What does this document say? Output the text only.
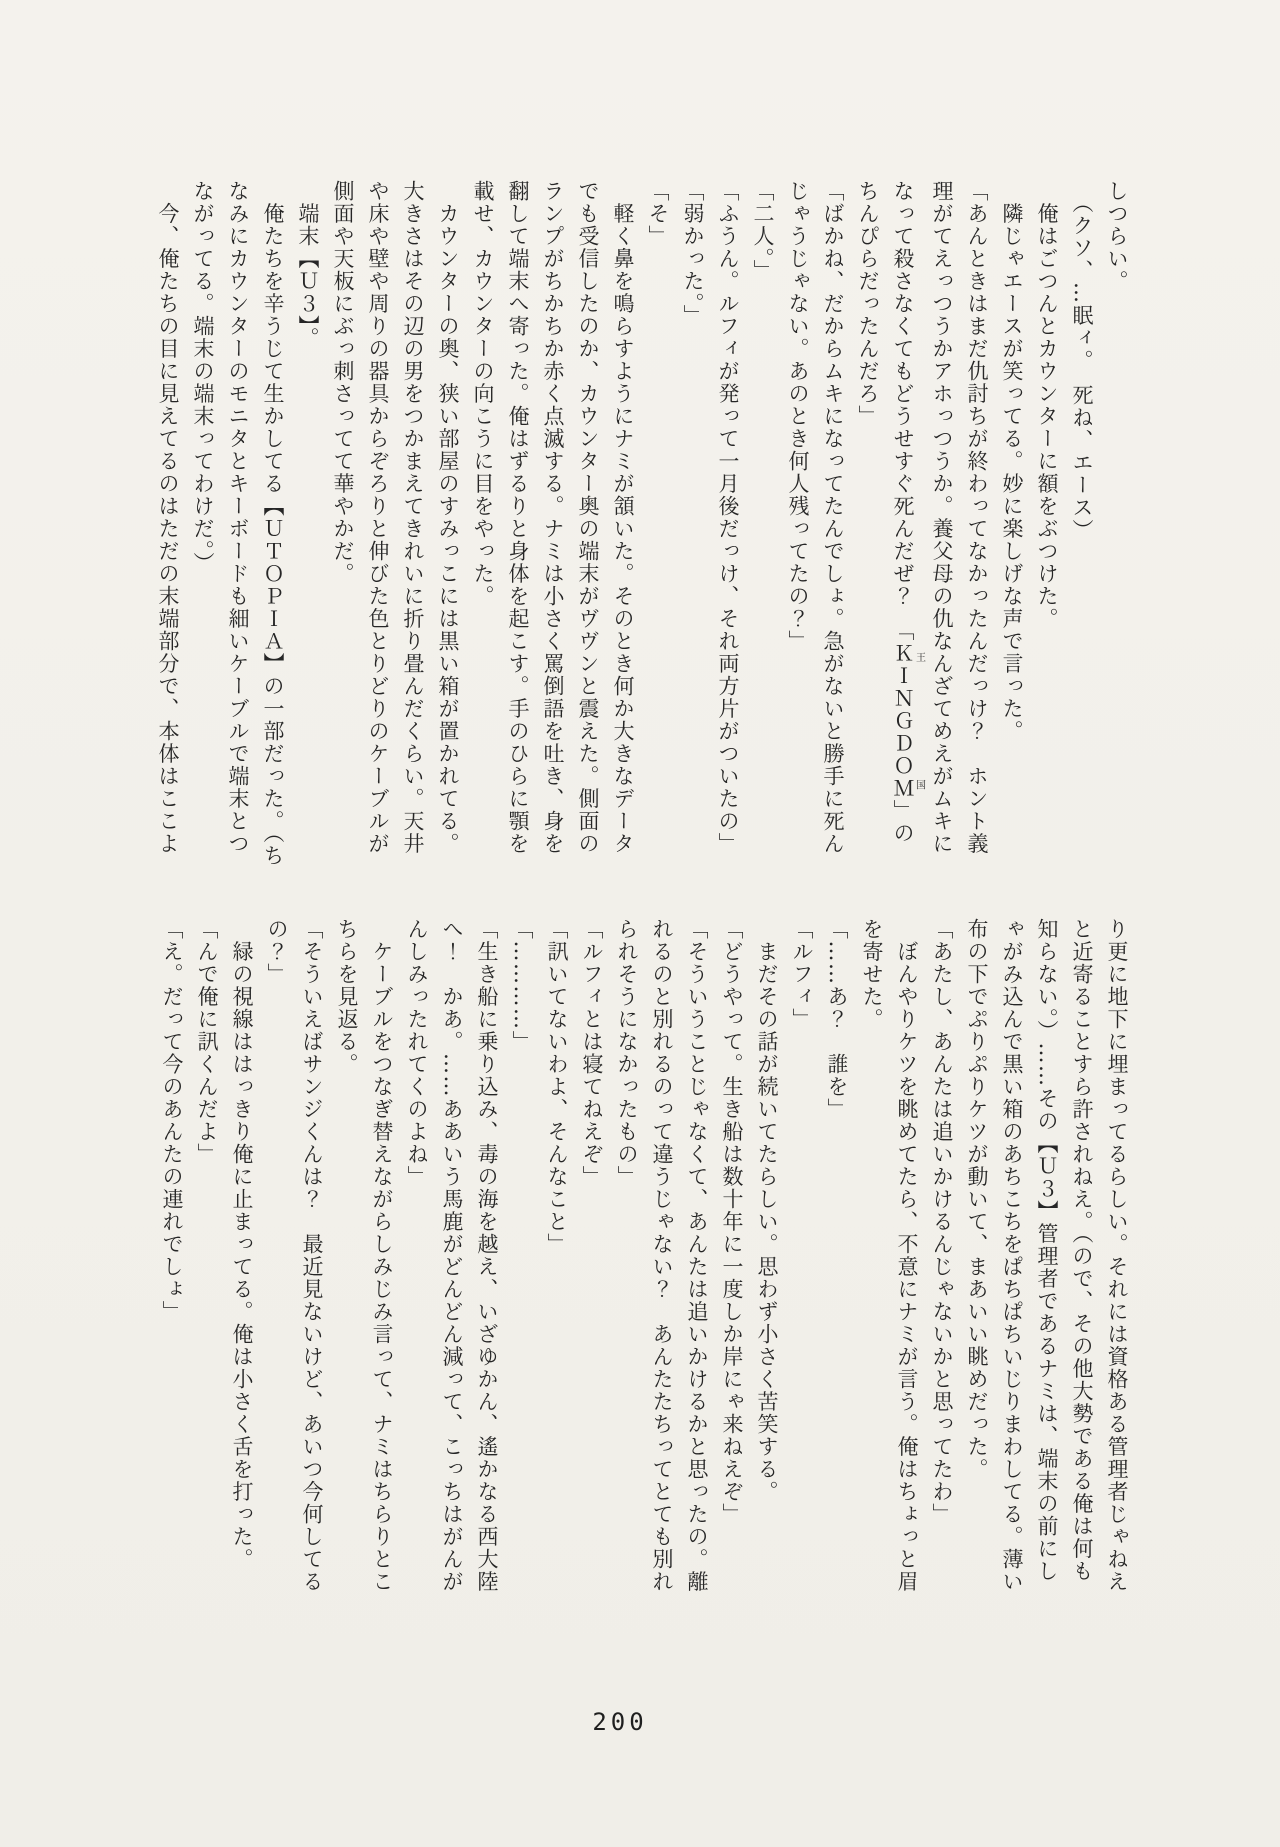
しつらい。
　（クソ、…眠ィ。　死ね、エース）
　俺はごつんとカウンターに額をぶつけた。
　隣じゃエースが笑ってる。妙に楽しげな声で言った。
「あんときはまだ仇討ちが終わってなかったんだっけ？　ホント義
理がてえっつうかアホっつうか。養父母の仇なんざてめえがムキに
なって殺さなくてもどうせすぐ死んだぜ？　「ＫＩＮＧＤＯＭ王国」の
ちんぴらだったんだろ」
「ばかね、だからムキになってたんでしょ。急がないと勝手に死ん
じゃうじゃない。あのとき何人残ってたの？」
「二人。」
「ふうん。ルフィが発って一月後だっけ、それ両方片がついたの」
「弱かった。」
「そ」
　軽く鼻を鳴らすようにナミが頷いた。そのとき何か大きなデータ
でも受信したのか、カウンター奥の端末がヴヴンと震えた。側面の
ランプがちかちか赤く点滅する。ナミは小さく罵倒語を吐き、身を
翻して端末へ寄った。俺はずるりと身体を起こす。手のひらに顎を
載せ、カウンターの向こうに目をやった。
　カウンターの奥、狭い部屋のすみっこには黒い箱が置かれてる。
大きさはその辺の男をつかまえてきれいに折り畳んだくらい。天井
や床や壁や周りの器具からぞろりと伸びた色とりどりのケーブルが
側面や天板にぶっ刺さってて華やかだ。
　端末【Ｕ３】。
　俺たちを辛うじて生かしてる【ＵＴＯＰＩＡ】の一部だった。（ち
なみにカウンターのモニタとキーボードも細いケーブルで端末とつ
ながってる。端末の端末ってわけだ。）
　今、俺たちの目に見えてるのはただの末端部分で、本体はここよ
り更に地下に埋まってるらしい。それには資格ある管理者じゃねえ
と近寄ることすら許されねえ。（ので、その他大勢である俺は何も
知らない。）……その【Ｕ３】管理者であるナミは、端末の前にし
ゃがみ込んで黒い箱のあちこちをぱちぱちいじりまわしてる。薄い
布の下でぷりぷりケツが動いて、まあいい眺めだった。
「あたし、あんたは追いかけるんじゃないかと思ってたわ」
　ぼんやりケツを眺めてたら、不意にナミが言う。俺はちょっと眉
を寄せた。
「……あ？　誰を」
「ルフィ」
　まだその話が続いてたらしい。思わず小さく苦笑する。
「どうやって。生き船は数十年に一度しか岸にゃ来ねえぞ」
「そういうことじゃなくて、あんたは追いかけるかと思ったの。離
れるのと別れるのって違うじゃない？　あんたたちってとても別れ
られそうになかったもの」
「ルフィとは寝てねえぞ」
「訊いてないわよ、そんなこと」
「…………」
「生き船に乗り込み、毒の海を越え、いざゆかん、遙かなる西大陸
へ！　かあ。……ああいう馬鹿がどんどん減って、こっちはがんが
んしみったれてくのよね」
　ケーブルをつなぎ替えながらしみじみ言って、ナミはちらりとこ
ちらを見返る。
「そういえばサンジくんは？　最近見ないけど、あいつ今何してる
の？」
　緑の視線ははっきり俺に止まってる。俺は小さく舌を打った。
「んで俺に訊くんだよ」
「え。だって今のあんたの連れでしょ」
200
